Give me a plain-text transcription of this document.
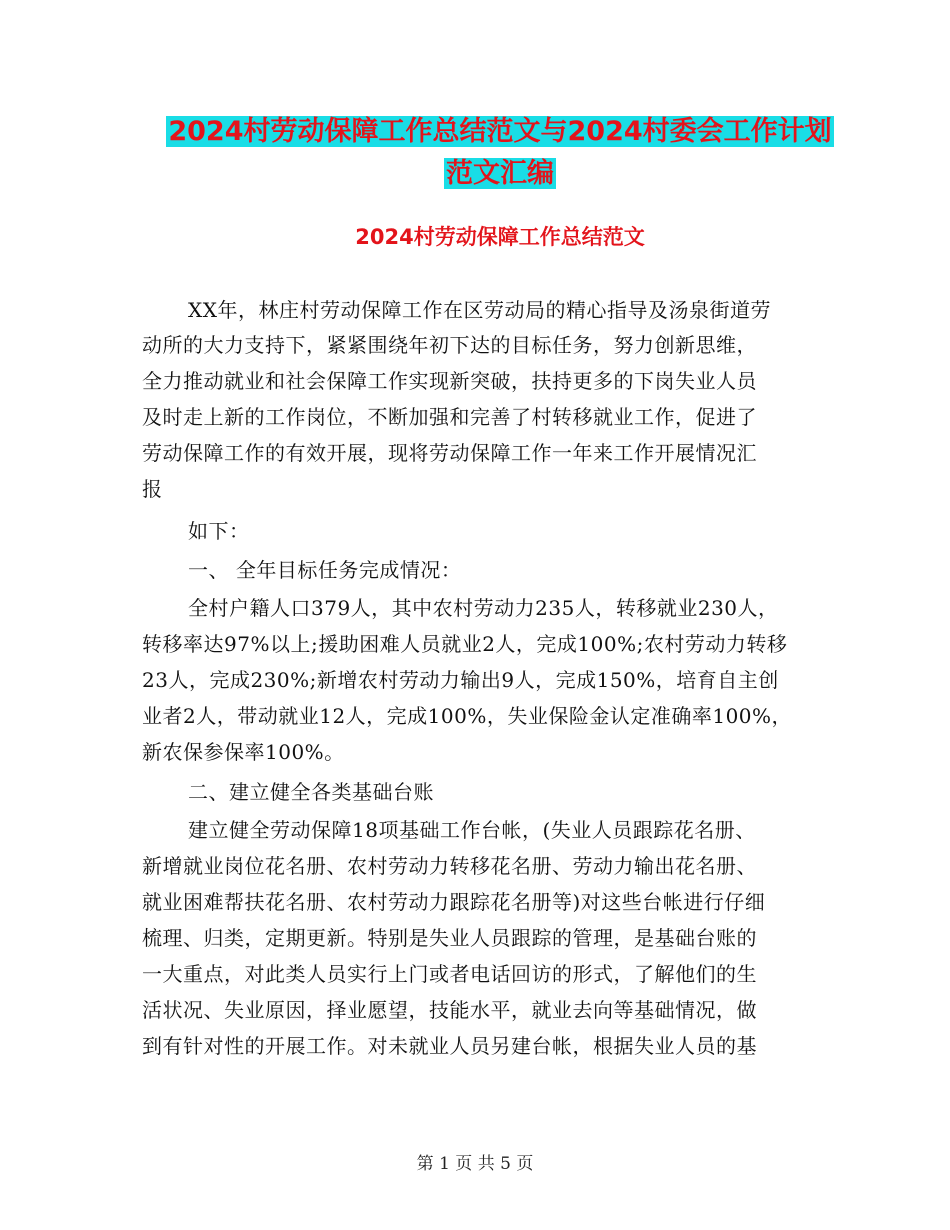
2024村劳动保障工作总结范文与2024村委会工作计划
范文汇编
2024村劳动保障工作总结范文
XX年，林庄村劳动保障工作在区劳动局的精心指导及汤泉街道劳
动所的大力支持下，紧紧围绕年初下达的目标任务，努力创新思维，
全力推动就业和社会保障工作实现新突破，扶持更多的下岗失业人员
及时走上新的工作岗位，不断加强和完善了村转移就业工作，促进了
劳动保障工作的有效开展，现将劳动保障工作一年来工作开展情况汇
报
如下：
一、 全年目标任务完成情况：
全村户籍人口379人，其中农村劳动力235人，转移就业230人，
转移率达97%以上;援助困难人员就业2人，完成100%;农村劳动力转移
23人，完成230%;新增农村劳动力输出9人，完成150%，培育自主创
业者2人，带动就业12人，完成100%，失业保险金认定准确率100%，
新农保参保率100%。
二、建立健全各类基础台账
建立健全劳动保障18项基础工作台帐，(失业人员跟踪花名册、
新增就业岗位花名册、农村劳动力转移花名册、劳动力输出花名册、
就业困难帮扶花名册、农村劳动力跟踪花名册等)对这些台帐进行仔细
梳理、归类，定期更新。特别是失业人员跟踪的管理，是基础台账的
一大重点，对此类人员实行上门或者电话回访的形式，了解他们的生
活状况、失业原因，择业愿望，技能水平，就业去向等基础情况，做
到有针对性的开展工作。对未就业人员另建台帐，根据失业人员的基
第 1 页 共 5 页
